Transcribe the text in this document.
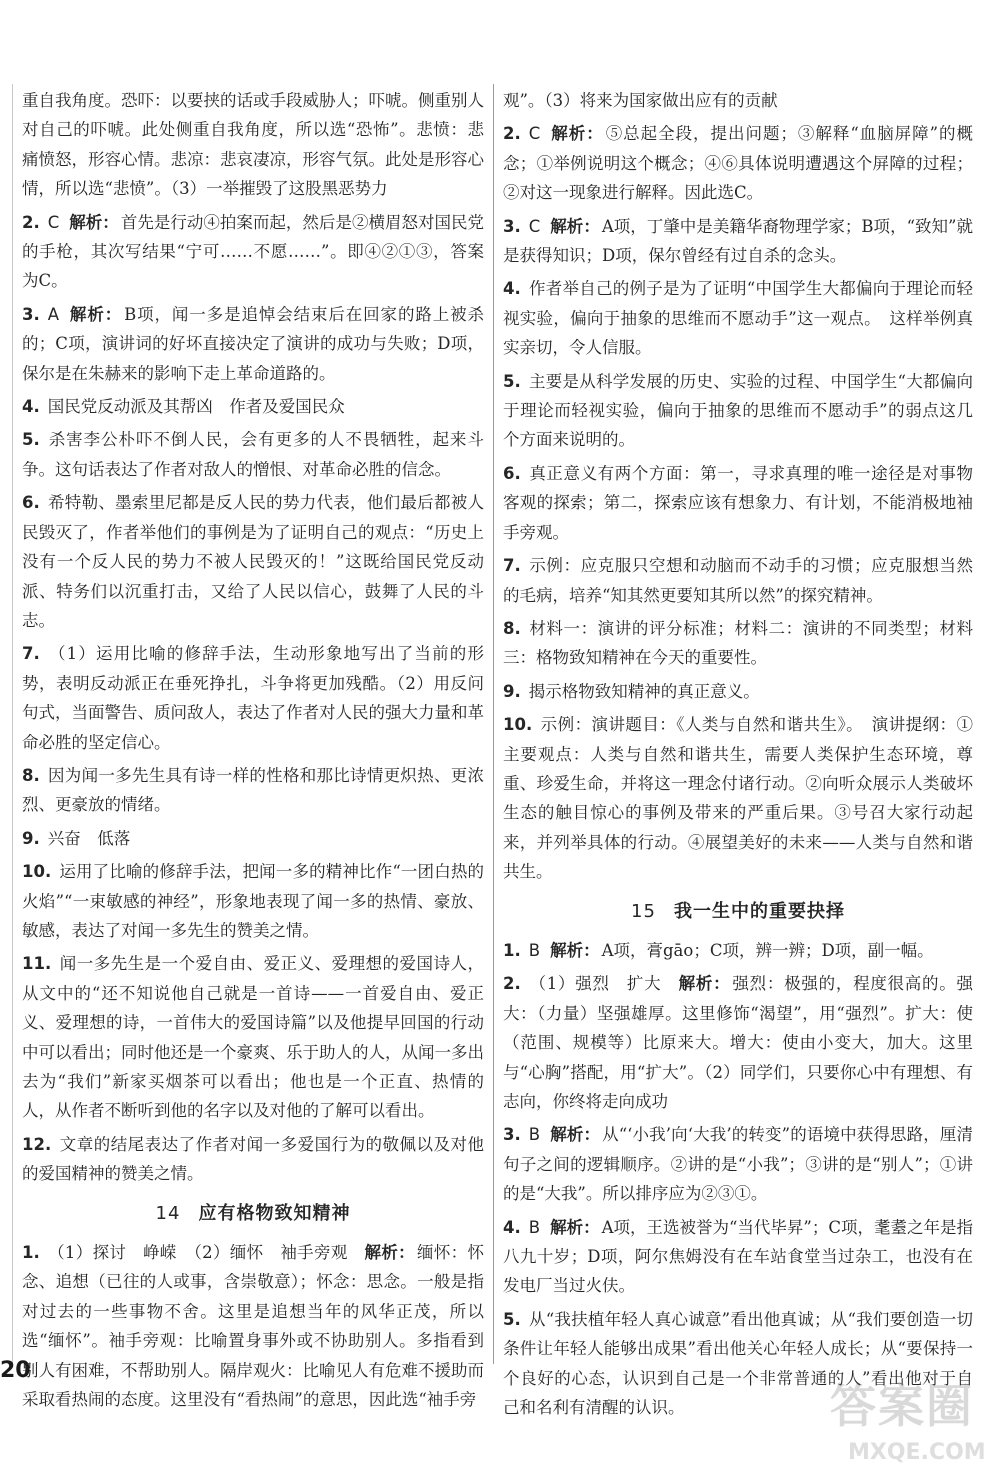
重自我角度。恐吓：以要挟的话或手段威胁人；吓唬。侧重别人对自己的吓唬。此处侧重自我角度，所以选“恐怖”。悲愤：悲痛愤怒，形容心情。悲凉：悲哀凄凉，形容气氛。此处是形容心情，所以选“悲愤”。（3）一举摧毁了这股黑恶势力
2. C 解析： 首先是行动④拍案而起，然后是②横眉怒对国民党的手枪，其次写结果“宁可……不愿……”。即④②①③，答案为C。
3. A 解析： B项，闻一多是追悼会结束后在回家的路上被杀的；C项，演讲词的好坏直接决定了演讲的成功与失败；D项，保尔是在朱赫来的影响下走上革命道路的。
4. 国民党反动派及其帮凶　作者及爱国民众
5. 杀害李公朴吓不倒人民，会有更多的人不畏牺牲，起来斗争。这句话表达了作者对敌人的憎恨、对革命必胜的信念。
6. 希特勒、墨索里尼都是反人民的势力代表，他们最后都被人民毁灭了，作者举他们的事例是为了证明自己的观点：“历史上没有一个反人民的势力不被人民毁灭的！”这既给国民党反动派、特务们以沉重打击，又给了人民以信心，鼓舞了人民的斗志。
7. （1）运用比喻的修辞手法，生动形象地写出了当前的形势，表明反动派正在垂死挣扎，斗争将更加残酷。（2）用反问句式，当面警告、质问敌人，表达了作者对人民的强大力量和革命必胜的坚定信心。
8. 因为闻一多先生具有诗一样的性格和那比诗情更炽热、更浓烈、更豪放的情绪。
9. 兴奋　低落
10. 运用了比喻的修辞手法，把闻一多的精神比作“一团白热的火焰”“一束敏感的神经”，形象地表现了闻一多的热情、豪放、敏感，表达了对闻一多先生的赞美之情。
11. 闻一多先生是一个爱自由、爱正义、爱理想的爱国诗人，从文中的“还不知说他自己就是一首诗——一首爱自由、爱正义、爱理想的诗，一首伟大的爱国诗篇”以及他提早回国的行动中可以看出；同时他还是一个豪爽、乐于助人的人，从闻一多出去为“我们”新家买烟茶可以看出；他也是一个正直、热情的人，从作者不断听到他的名字以及对他的了解可以看出。
12. 文章的结尾表达了作者对闻一多爱国行为的敬佩以及对他的爱国精神的赞美之情。
14 应有格物致知精神
1. （1）探讨　峥嵘　（2）缅怀　袖手旁观　解析： 缅怀：怀念、追想（已往的人或事，含崇敬意）；怀念：思念。一般是指对过去的一些事物不舍。这里是追想当年的风华正茂，所以选“缅怀”。袖手旁观：比喻置身事外或不协助别人。多指看到别人有困难，不帮助别人。隔岸观火：比喻见人有危难不援助而采取看热闹的态度。这里没有“看热闹”的意思，因此选“袖手旁
观”。（3）将来为国家做出应有的贡献
2. C 解析： ⑤总起全段，提出问题；③解释“血脑屏障”的概念；①举例说明这个概念；④⑥具体说明遭遇这个屏障的过程；②对这一现象进行解释。因此选C。
3. C 解析： A项，丁肇中是美籍华裔物理学家；B项，“致知”就是获得知识；D项，保尔曾经有过自杀的念头。
4. 作者举自己的例子是为了证明“中国学生大都偏向于理论而轻视实验，偏向于抽象的思维而不愿动手”这一观点。　这样举例真实亲切，令人信服。
5. 主要是从科学发展的历史、实验的过程、中国学生“大都偏向于理论而轻视实验，偏向于抽象的思维而不愿动手”的弱点这几个方面来说明的。
6. 真正意义有两个方面：第一，寻求真理的唯一途径是对事物客观的探索；第二，探索应该有想象力、有计划，不能消极地袖手旁观。
7. 示例：应克服只空想和动脑而不动手的习惯；应克服想当然的毛病，培养“知其然更要知其所以然”的探究精神。
8. 材料一：演讲的评分标准；材料二：演讲的不同类型；材料三：格物致知精神在今天的重要性。
9. 揭示格物致知精神的真正意义。
10. 示例：演讲题目：《人类与自然和谐共生》。　演讲提纲：①主要观点：人类与自然和谐共生，需要人类保护生态环境，尊重、珍爱生命，并将这一理念付诸行动。②向听众展示人类破坏生态的触目惊心的事例及带来的严重后果。③号召大家行动起来，并列举具体的行动。④展望美好的未来——人类与自然和谐共生。
15 我一生中的重要抉择
1. B 解析： A项，膏gāo；C项，辨一辨；D项，副一幅。
2. （1）强烈　扩大　解析： 强烈：极强的，程度很高的。强大：（力量）坚强雄厚。这里修饰“渴望”，用“强烈”。扩大：使（范围、规模等）比原来大。增大：使由小变大，加大。这里与“心胸”搭配，用“扩大”。（2）同学们，只要你心中有理想、有志向，你终将走向成功
3. B 解析： 从“‘小我’向‘大我’的转变”的语境中获得思路，厘清句子之间的逻辑顺序。②讲的是“小我”；③讲的是“别人”；①讲的是“大我”。所以排序应为②③①。
4. B 解析： A项，王选被誉为“当代毕昇”；C项，耄耋之年是指八九十岁；D项，阿尔焦姆没有在车站食堂当过杂工，也没有在发电厂当过火伕。
5. 从“我扶植年轻人真心诚意”看出他真诚；从“我们要创造一切条件让年轻人能够出成果”看出他关心年轻人成长；从“要保持一个良好的心态，认识到自己是一个非常普通的人”看出他对于自己和名利有清醒的认识。
20
答案圈
MXQE.COM
